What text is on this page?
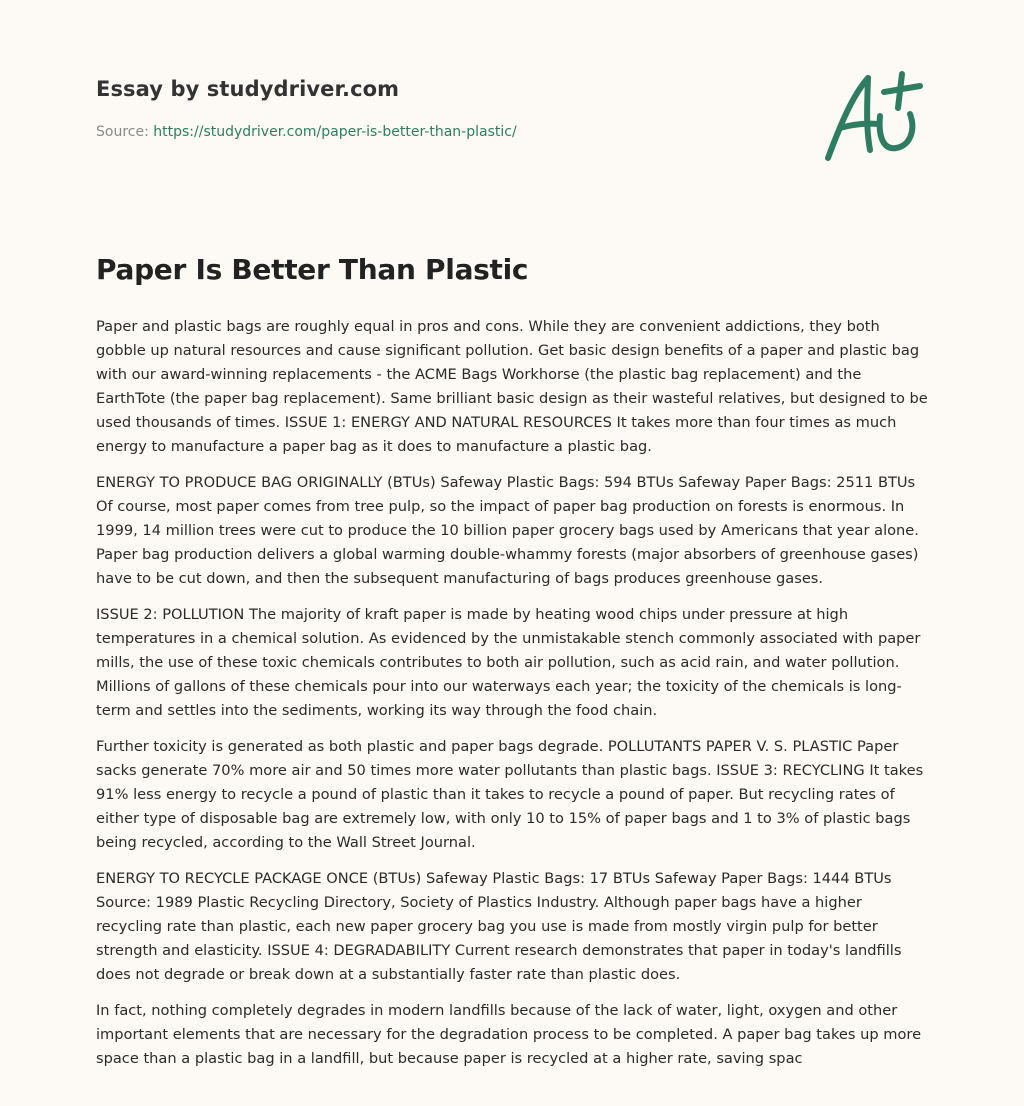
Essay by studydriver.com

Source: https://studydriver.com/paper-is-better-than-plastic/

Paper Is Better Than Plastic

Paper and plastic bags are roughly equal in pros and cons. While they are convenient addictions, they both gobble up natural resources and cause significant pollution. Get basic design benefits of a paper and plastic bag with our award-winning replacements - the ACME Bags Workhorse (the plastic bag replacement) and the EarthTote (the paper bag replacement). Same brilliant basic design as their wasteful relatives, but designed to be used thousands of times. ISSUE 1: ENERGY AND NATURAL RESOURCES It takes more than four times as much energy to manufacture a paper bag as it does to manufacture a plastic bag.

ENERGY TO PRODUCE BAG ORIGINALLY (BTUs) Safeway Plastic Bags: 594 BTUs Safeway Paper Bags: 2511 BTUs Of course, most paper comes from tree pulp, so the impact of paper bag production on forests is enormous. In 1999, 14 million trees were cut to produce the 10 billion paper grocery bags used by Americans that year alone. Paper bag production delivers a global warming double-whammy forests (major absorbers of greenhouse gases) have to be cut down, and then the subsequent manufacturing of bags produces greenhouse gases.

ISSUE 2: POLLUTION The majority of kraft paper is made by heating wood chips under pressure at high temperatures in a chemical solution. As evidenced by the unmistakable stench commonly associated with paper mills, the use of these toxic chemicals contributes to both air pollution, such as acid rain, and water pollution. Millions of gallons of these chemicals pour into our waterways each year; the toxicity of the chemicals is long-term and settles into the sediments, working its way through the food chain.

Further toxicity is generated as both plastic and paper bags degrade. POLLUTANTS PAPER V. S. PLASTIC Paper sacks generate 70% more air and 50 times more water pollutants than plastic bags. ISSUE 3: RECYCLING It takes 91% less energy to recycle a pound of plastic than it takes to recycle a pound of paper. But recycling rates of either type of disposable bag are extremely low, with only 10 to 15% of paper bags and 1 to 3% of plastic bags being recycled, according to the Wall Street Journal.

ENERGY TO RECYCLE PACKAGE ONCE (BTUs) Safeway Plastic Bags: 17 BTUs Safeway Paper Bags: 1444 BTUs Source: 1989 Plastic Recycling Directory, Society of Plastics Industry. Although paper bags have a higher recycling rate than plastic, each new paper grocery bag you use is made from mostly virgin pulp for better strength and elasticity. ISSUE 4: DEGRADABILITY Current research demonstrates that paper in today's landfills does not degrade or break down at a substantially faster rate than plastic does.

In fact, nothing completely degrades in modern landfills because of the lack of water, light, oxygen and other important elements that are necessary for the degradation process to be completed. A paper bag takes up more space than a plastic bag in a landfill, but because paper is recycled at a higher rate, saving spac
